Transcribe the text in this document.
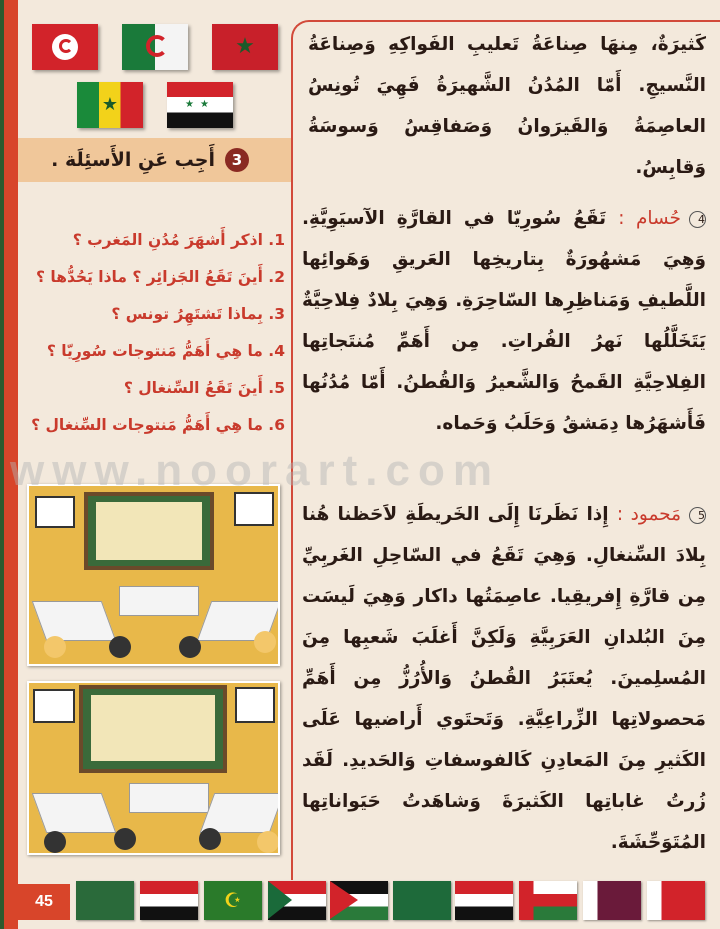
★
★	★★
3
أَجِب عَنِ الأَسئِلَة .
1. اذكر أَشهَرَ مُدُنِ المَغرب ؟
2. أَينَ تَقَعُ الجَزائِر ؟ ماذا يَحُدُّها ؟
3. بِماذا تَشتَهِرُ تونس ؟
4. ما هِي أَهَمُّ مَنتوجات سُورِيّا ؟
5. أَينَ تَقَعُ السِّنغال ؟
6. ما هِي أَهَمُّ مَنتوجات السِّنغال ؟
كَثيرَةٌ، مِنهَا صِناعَةُ تَعليبِ الفَواكِهِ وَصِناعَةُ النَّسيجِ. أَمّا المُدُنُ الشَّهيرَةُ فَهِيَ تُونِسُ العاصِمَةُ وَالقَيرَوانُ وَصَفاقِسُ وَسوسَةُ وَقابِسُ.
4حُسام : تَقَعُ سُورِيّا في القارَّةِ الآسيَوِيَّةِ. وَهِيَ مَشهُورَةٌ بِتاريخِها العَريقِ وَهَوائِها اللَّطيفِ وَمَناظِرِها السّاحِرَةِ. وَهِيَ بِلادٌ فِلاحِيَّةٌ يَتَخَلَّلُها نَهرُ الفُراتِ. مِن أَهَمِّ مُنتَجاتِها الفِلاحِيَّةِ القَمحُ وَالشَّعيرُ وَالقُطنُ. أَمّا مُدُنُها فَأَشهَرُها دِمَشقُ وَحَلَبُ وَحَماه.
5مَحمود : إِذا نَظَرنَا إِلَى الخَريطَةِ لاَحَظنا هُنا بِلادَ السِّنغالِ. وَهِيَ تَقَعُ في السّاحِلِ الغَربِيِّ مِن قارَّةِ إِفريقِيا. عاصِمَتُها داكار وَهِيَ لَيسَت مِنَ البُلدانِ العَرَبِيَّةِ وَلَكِنَّ أَغلَبَ شَعبِها مِنَ المُسلِمينَ. يُعتَبَرُ القُطنُ وَالأُرُزُّ مِن أَهَمِّ مَحصولاتِها الزِّراعِيَّةِ. وَتَحتَوي أَراضيها عَلَى الكَثيرِ مِنَ المَعادِنِ كَالفوسفاتِ وَالحَديدِ. لَقَد زُرتُ غاباتِها الكَثيرَةَ وَشاهَدتُ حَيَواناتِها المُتَوَحِّشَةَ.
www.noorart.com
45	☪
